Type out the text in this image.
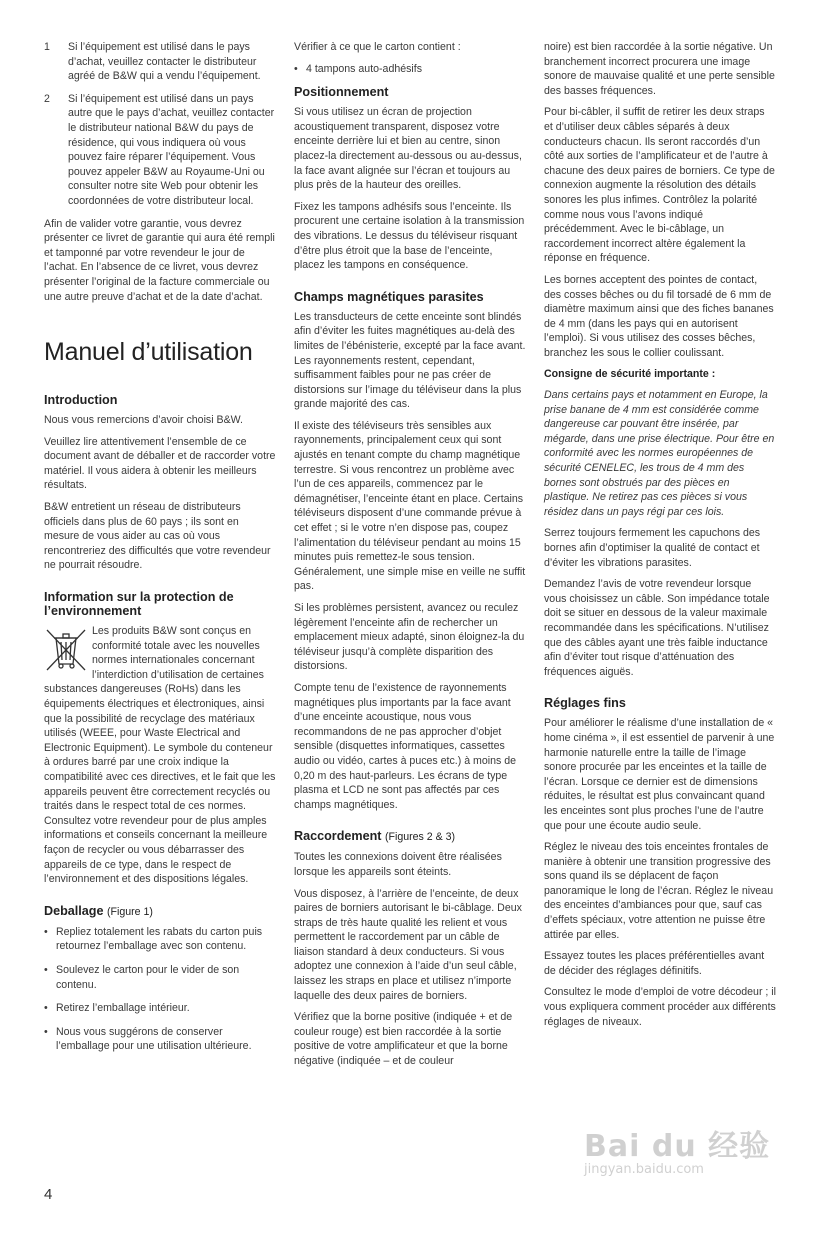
1	Si l’équipement est utilisé dans le pays d’achat, veuillez contacter le distributeur agréé de B&W qui a vendu l’équipement.
2	Si l’équipement est utilisé dans un pays autre que le pays d’achat, veuillez contacter le distributeur national B&W du pays de résidence, qui vous indiquera où vous pouvez faire réparer l’équipement. Vous pouvez appeler B&W au Royaume-Uni ou consulter notre site Web pour obtenir les coordonnées de votre distributeur local.

Afin de valider votre garantie, vous devrez présenter ce livret de garantie qui aura été rempli et tamponné par votre revendeur le jour de l’achat. En l’absence de ce livret, vous devrez présenter l’original de la facture commerciale ou une autre preuve d’achat et de la date d’achat.

Manuel d’utilisation
Introduction

Nous vous remercions d’avoir choisi B&W.

Veuillez lire attentivement l’ensemble de ce document avant de déballer et de raccorder votre matériel. Il vous aidera à obtenir les meilleurs résultats.

B&W entretient un réseau de distributeurs officiels dans plus de 60 pays ; ils sont en mesure de vous aider au cas où vous rencontreriez des difficultés que votre revendeur ne pourrait résoudre.

Information sur la protection de l’environnement

Les produits B&W sont conçus en conformité totale avec les nouvelles normes internationales concernant l’interdiction d’utilisation de certaines substances dangereuses (RoHs) dans les équipements électriques et électroniques, ainsi que la possibilité de recyclage des matériaux utilisés (WEEE, pour Waste Electrical and Electronic Equipment). Le symbole du conteneur à ordures barré par une croix indique la compatibilité avec ces directives, et le fait que les appareils peuvent être correctement recyclés ou traités dans le respect total de ces normes. Consultez votre revendeur pour de plus amples informations et conseils concernant la meilleure façon de recycler ou vous débarrasser des appareils de ce type, dans le respect de l’environnement et des dispositions légales.

Deballage (Figure 1)
• Repliez totalement les rabats du carton puis retournez l’emballage avec son contenu.
• Soulevez le carton pour le vider de son contenu.
• Retirez l’emballage intérieur.
• Nous vous suggérons de conserver l’emballage pour une utilisation ultérieure.

Vérifier à ce que le carton contient :

• 4 tampons auto-adhésifs
Positionnement

Si vous utilisez un écran de projection acoustiquement transparent, disposez votre enceinte derrière lui et bien au centre, sinon placez-la directement au-dessous ou au-dessus, la face avant alignée sur l’écran et toujours au plus près de la hauteur des oreilles.

Fixez les tampons adhésifs sous l’enceinte. Ils procurent une certaine isolation à la transmission des vibrations. Le dessus du téléviseur risquant d’être plus étroit que la base de l’enceinte, placez les tampons en conséquence.

Champs magnétiques parasites

Les transducteurs de cette enceinte sont blindés afin d’éviter les fuites magnétiques au-delà des limites de l’ébénisterie, excepté par la face avant. Les rayonnements restent, cependant, suffisamment faibles pour ne pas créer de distorsions sur l’image du téléviseur dans la plus grande majorité des cas.

Il existe des téléviseurs très sensibles aux rayonnements, principalement ceux qui sont ajustés en tenant compte du champ magnétique terrestre. Si vous rencontrez un problème avec l’un de ces appareils, commencez par le démagnétiser, l’enceinte étant en place. Certains téléviseurs disposent d’une commande prévue à cet effet ; si le votre n’en dispose pas, coupez l’alimentation du téléviseur pendant au moins 15 minutes puis remettez-le sous tension. Généralement, une simple mise en veille ne suffit pas.

Si les problèmes persistent, avancez ou reculez légèrement l’enceinte afin de rechercher un emplacement mieux adapté, sinon éloignez-la du téléviseur jusqu’à complète disparition des distorsions.

Compte tenu de l’existence de rayonnements magnétiques plus importants par la face avant d’une enceinte acoustique, nous vous recommandons de ne pas approcher d’objet sensible (disquettes informatiques, cassettes audio ou vidéo, cartes à puces etc.) à moins de 0,20 m des haut-parleurs. Les écrans de type plasma et LCD ne sont pas affectés par ces champs magnétiques.

Raccordement (Figures 2 & 3)

Toutes les connexions doivent être réalisées lorsque les appareils sont éteints.

Vous disposez, à l’arrière de l’enceinte, de deux paires de borniers autorisant le bi-câblage. Deux straps de très haute qualité les relient et vous permettent le raccordement par un câble de liaison standard à deux conducteurs. Si vous adoptez une connexion à l’aide d’un seul câble, laissez les straps en place et utilisez n’importe laquelle des deux paires de borniers.

Vérifiez que la borne positive (indiquée + et de couleur rouge) est bien raccordée à la sortie positive de votre amplificateur et que la borne négative (indiquée – et de couleur

noire) est bien raccordée à la sortie négative. Un branchement incorrect procurera une image sonore de mauvaise qualité et une perte sensible des basses fréquences.

Pour bi-câbler, il suffit de retirer les deux straps et d’utiliser deux câbles séparés à deux conducteurs chacun. Ils seront raccordés d’un côté aux sorties de l’amplificateur et de l’autre à chacune des deux paires de borniers. Ce type de connexion augmente la résolution des détails sonores les plus infimes. Contrôlez la polarité comme nous vous l’avons indiqué précédemment. Avec le bi-câblage, un raccordement incorrect altère également la réponse en fréquence.

Les bornes acceptent des pointes de contact, des cosses bêches ou du fil torsadé de 6 mm de diamètre maximum ainsi que des fiches bananes de 4 mm (dans les pays qui en autorisent l’emploi). Si vous utilisez des cosses bêches, branchez les sous le collier coulissant.

Consigne de sécurité importante :

Dans certains pays et notamment en Europe, la prise banane de 4 mm est considérée comme dangereuse car pouvant être insérée, par mégarde, dans une prise électrique. Pour être en conformité avec les normes européennes de sécurité CENELEC, les trous de 4 mm des bornes sont obstrués par des pièces en plastique. Ne retirez pas ces pièces si vous résidez dans un pays régi par ces lois.

Serrez toujours fermement les capuchons des bornes afin d’optimiser la qualité de contact et d’éviter les vibrations parasites.

Demandez l’avis de votre revendeur lorsque vous choisissez un câble. Son impédance totale doit se situer en dessous de la valeur maximale recommandée dans les spécifications. N’utilisez que des câbles ayant une très faible inductance afin d’éviter tout risque d’atténuation des fréquences aiguës.

Réglages fins

Pour améliorer le réalisme d’une installation de « home cinéma », il est essentiel de parvenir à une harmonie naturelle entre la taille de l’image sonore procurée par les enceintes et la taille de l’écran. Lorsque ce dernier est de dimensions réduites, le résultat est plus convaincant quand les enceintes sont plus proches l’une de l’autre que pour une écoute audio seule.

Réglez le niveau des tois enceintes frontales de manière à obtenir une transition progressive des sons quand ils se déplacent de façon panoramique le long de l’écran. Réglez le niveau des enceintes d’ambiances pour que, sauf cas d’effets spéciaux, votre attention ne puisse être attirée par elles.

Essayez toutes les places préférentielles avant de décider des réglages définitifs.

Consultez le mode d’emploi de votre décodeur ; il vous expliquera comment procéder aux différents réglages de niveaux.

4
Bai du 经验
jingyan.baidu.com
